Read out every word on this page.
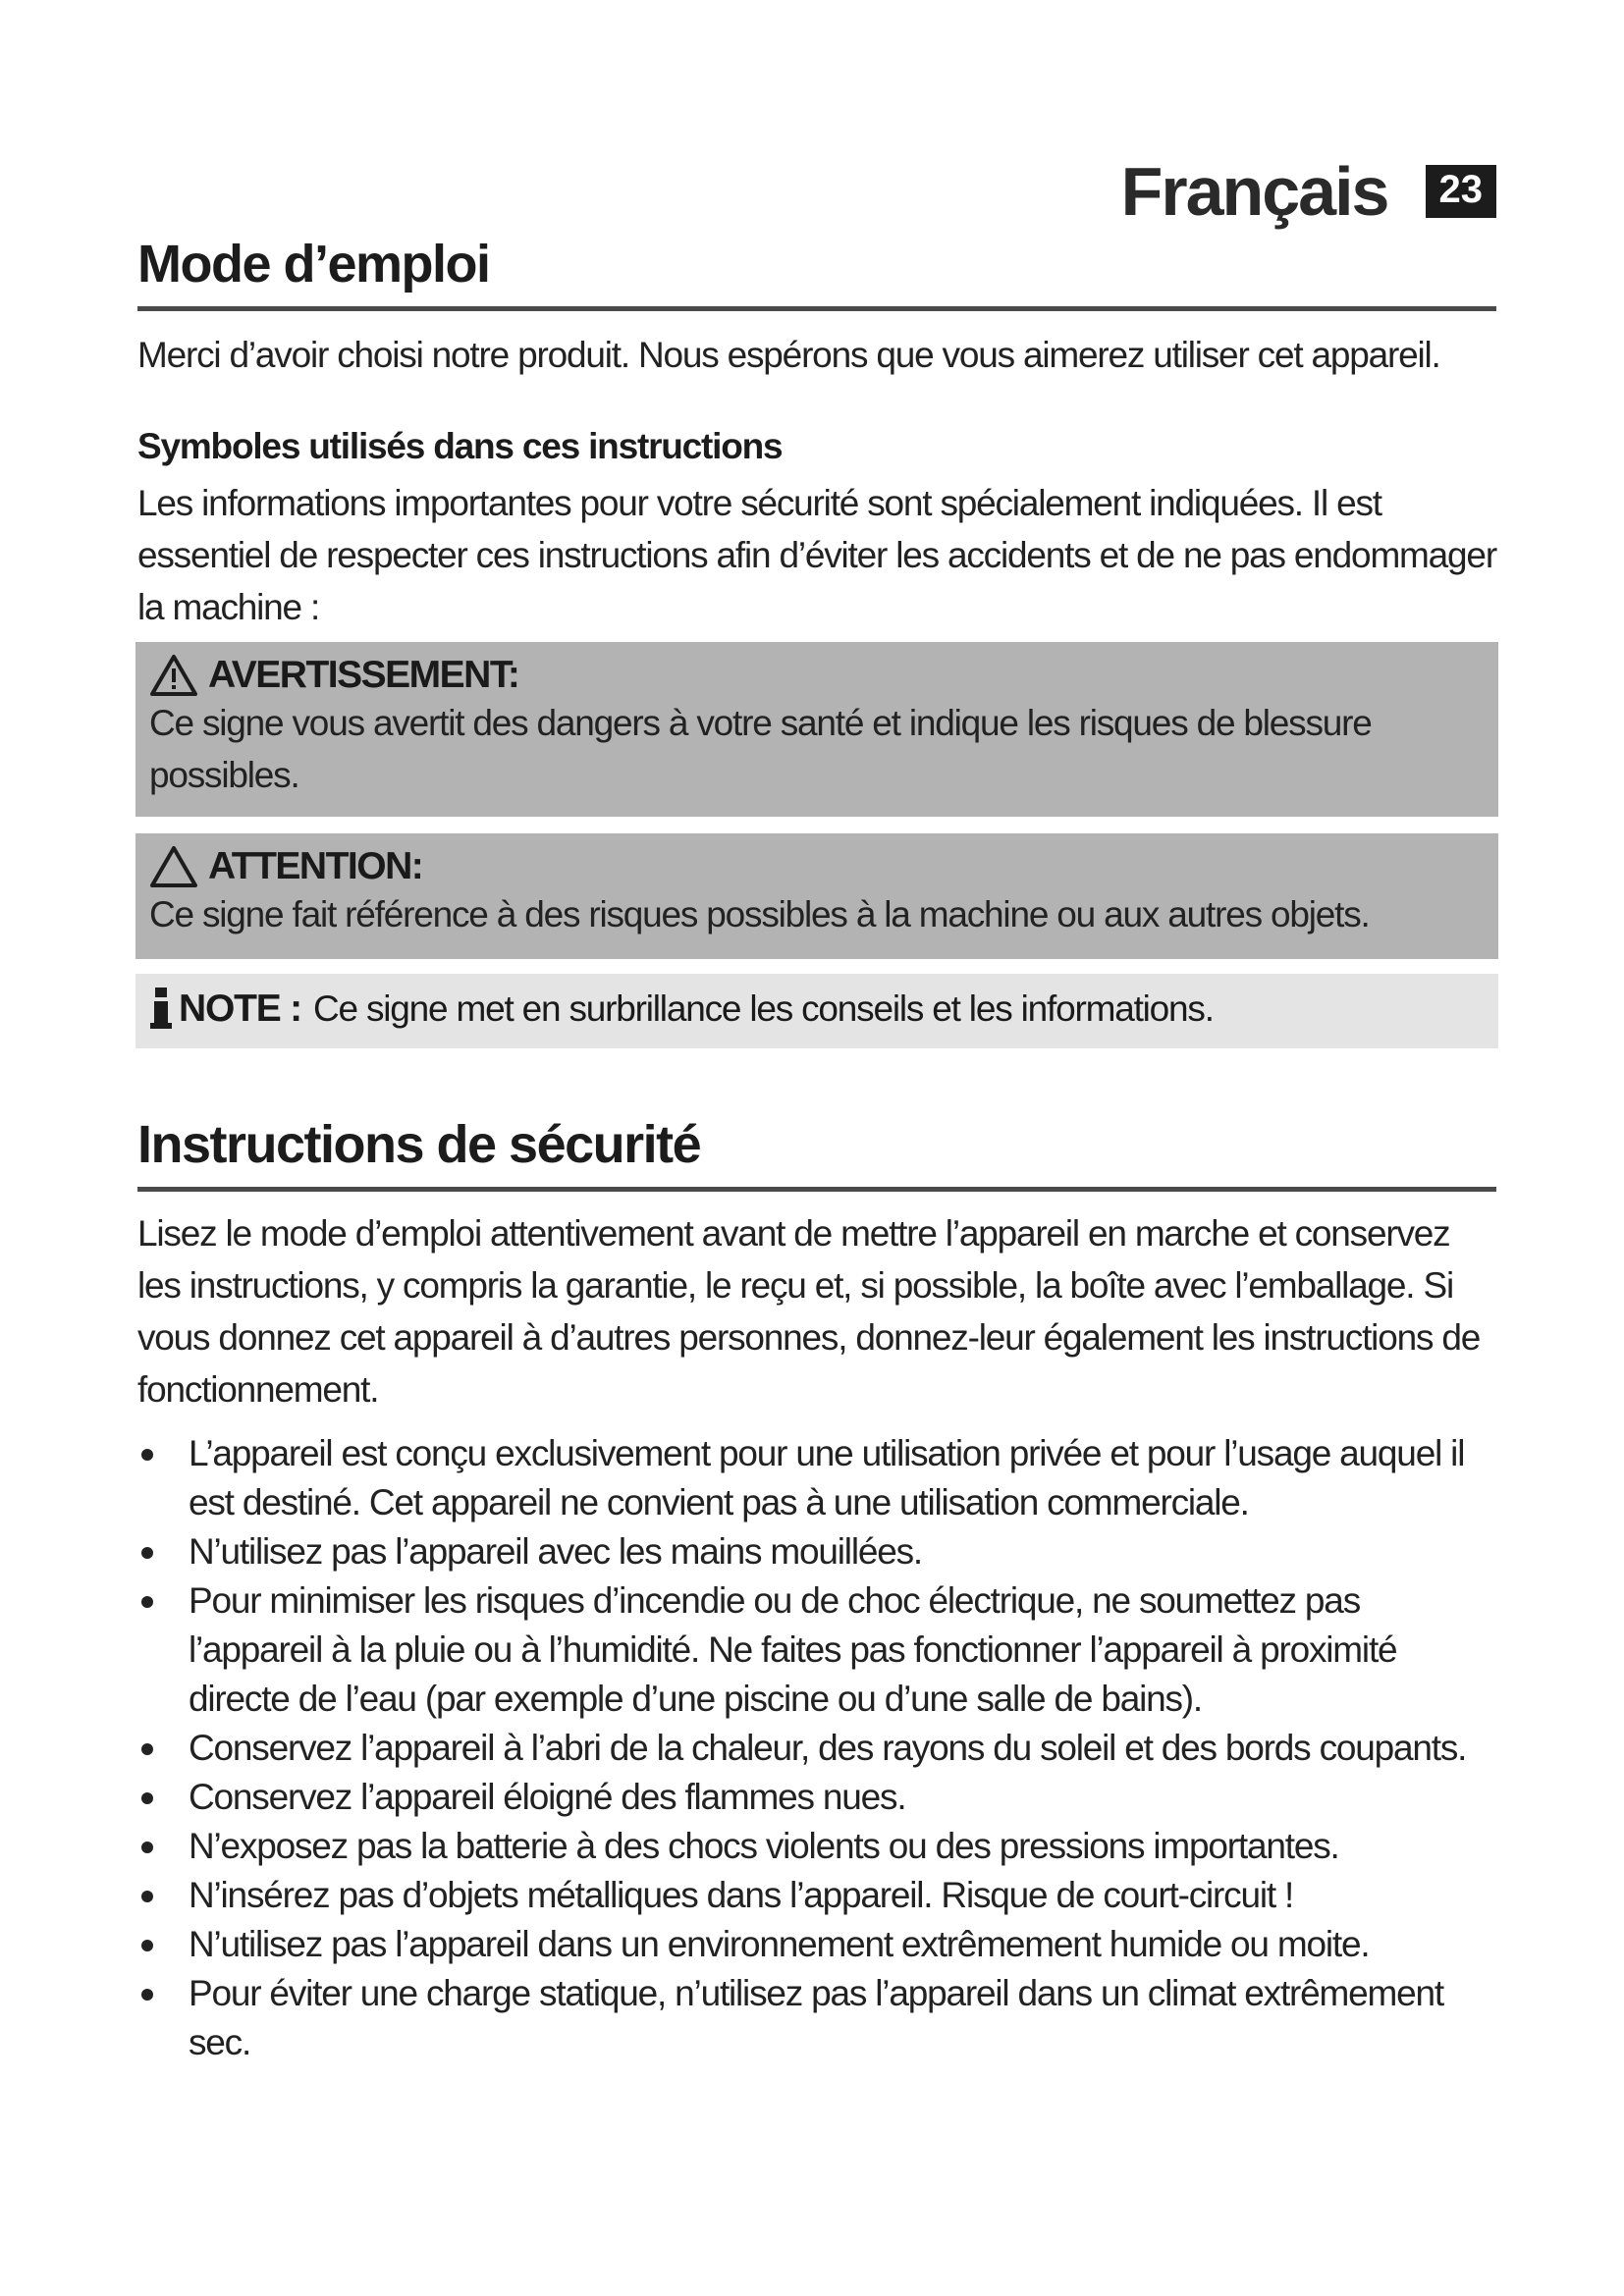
Français	23
Mode d’emploi

Merci d’avoir choisi notre produit. Nous espérons que vous aimerez utiliser cet appareil.

Symboles utilisés dans ces instructions

Les informations importantes pour votre sécurité sont spécialement indiquées. Il est essentiel de respecter ces instructions afin d’éviter les accidents et de ne pas endommager la machine :

AVERTISSEMENT:
Ce signe vous avertit des dangers à votre santé et indique les risques de blessure possibles.
ATTENTION:
Ce signe fait référence à des risques possibles à la machine ou aux autres objets.
NOTE : Ce signe met en surbrillance les conseils et les informations.
Instructions de sécurité

Lisez le mode d’emploi attentivement avant de mettre l’appareil en marche et conservez les instructions, y compris la garantie, le reçu et, si possible, la boîte avec l’emballage. Si vous donnez cet appareil à d’autres personnes, donnez-leur également les instructions de fonctionnement.

L’appareil est conçu exclusivement pour une utilisation privée et pour l’usage auquel il est destiné. Cet appareil ne convient pas à une utilisation commerciale.
N’utilisez pas l’appareil avec les mains mouillées.
Pour minimiser les risques d’incendie ou de choc électrique, ne soumettez pas l’appareil à la pluie ou à l’humidité. Ne faites pas fonctionner l’appareil à proximité directe de l’eau (par exemple d’une piscine ou d’une salle de bains).
Conservez l’appareil à l’abri de la chaleur, des rayons du soleil et des bords coupants.
Conservez l’appareil éloigné des flammes nues.
N’exposez pas la batterie à des chocs violents ou des pressions importantes.
N’insérez pas d’objets métalliques dans l’appareil. Risque de court-circuit !
N’utilisez pas l’appareil dans un environnement extrêmement humide ou moite.
Pour éviter une charge statique, n’utilisez pas l’appareil dans un climat extrêmement sec.
